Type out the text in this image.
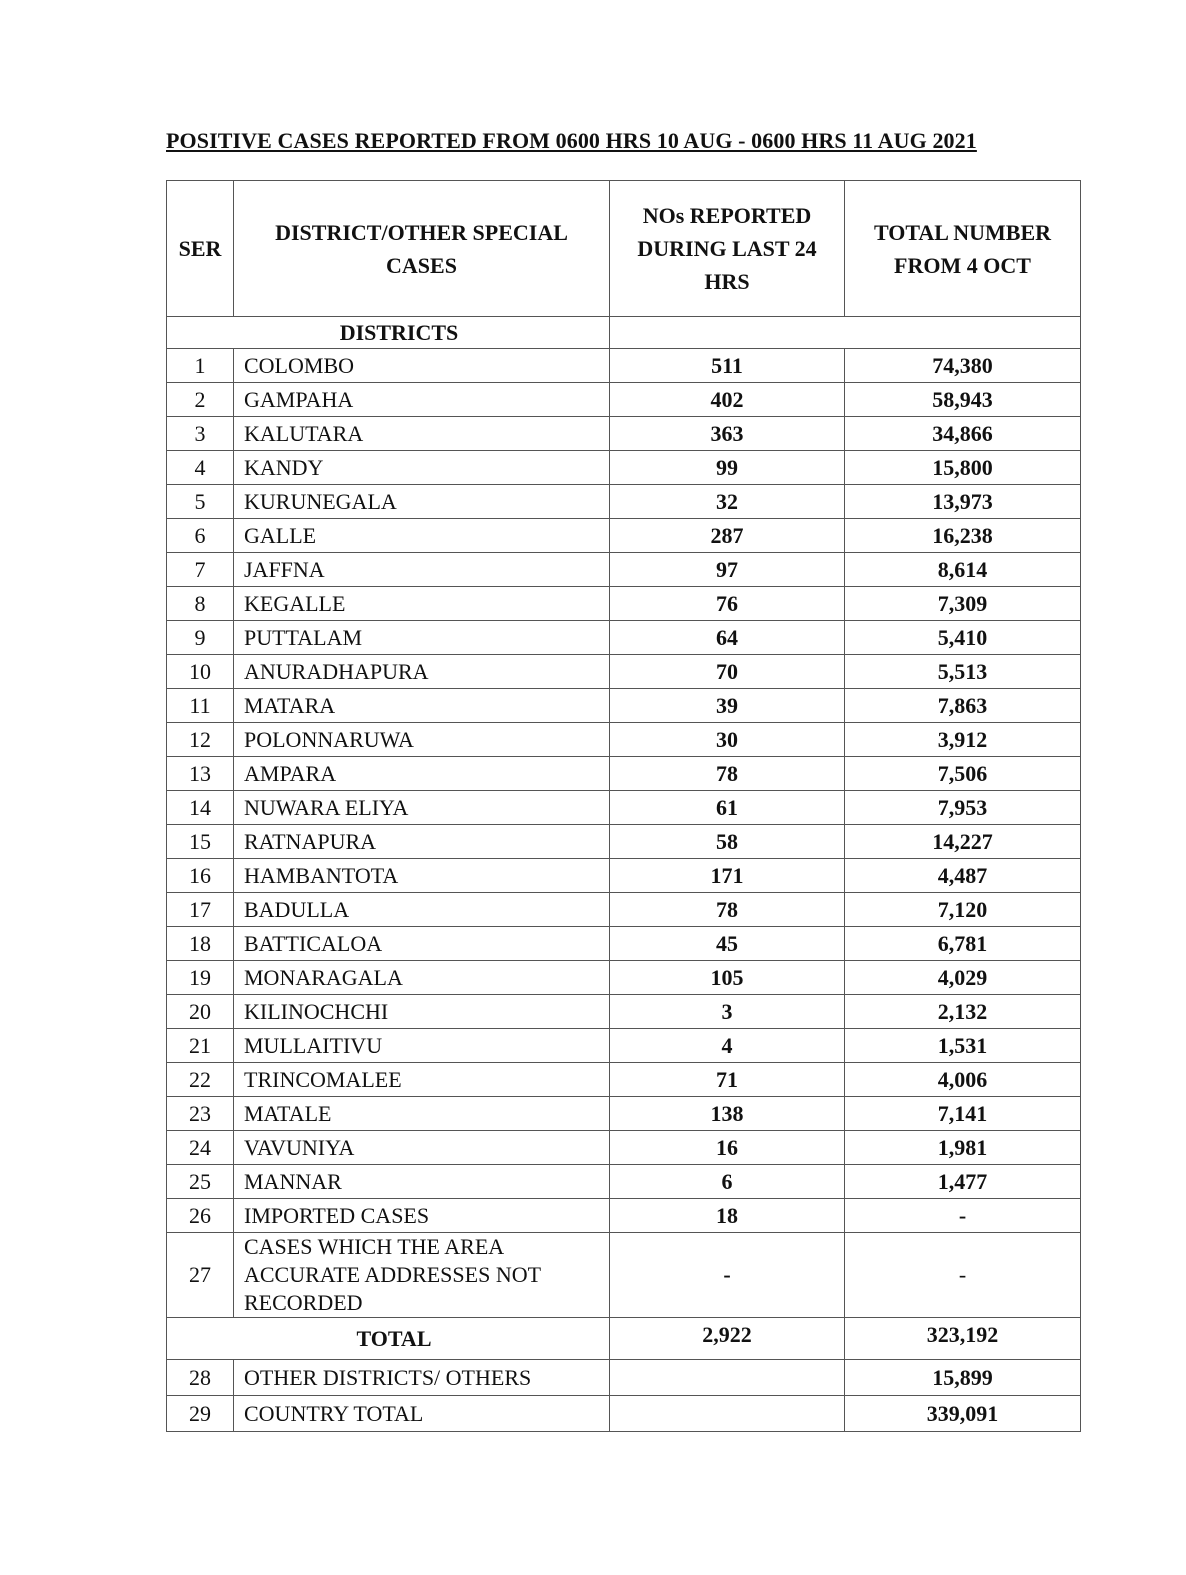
POSITIVE CASES REPORTED FROM 0600 HRS 10 AUG - 0600 HRS 11 AUG 2021
SER	DISTRICT/OTHER SPECIAL CASES	NOs REPORTED DURING LAST 24 HRS	TOTAL NUMBER FROM 4 OCT
DISTRICTS			
1	COLOMBO	511	74,380
2	GAMPAHA	402	58,943
3	KALUTARA	363	34,866
4	KANDY	99	15,800
5	KURUNEGALA	32	13,973
6	GALLE	287	16,238
7	JAFFNA	97	8,614
8	KEGALLE	76	7,309
9	PUTTALAM	64	5,410
10	ANURADHAPURA	70	5,513
11	MATARA	39	7,863
12	POLONNARUWA	30	3,912
13	AMPARA	78	7,506
14	NUWARA ELIYA	61	7,953
15	RATNAPURA	58	14,227
16	HAMBANTOTA	171	4,487
17	BADULLA	78	7,120
18	BATTICALOA	45	6,781
19	MONARAGALA	105	4,029
20	KILINOCHCHI	3	2,132
21	MULLAITIVU	4	1,531
22	TRINCOMALEE	71	4,006
23	MATALE	138	7,141
24	VAVUNIYA	16	1,981
25	MANNAR	6	1,477
26	IMPORTED CASES	18	-
27	CASES WHICH THE AREA ACCURATE ADDRESSES NOT RECORDED	-	-
TOTAL		2,922	323,192
28	OTHER DISTRICTS/ OTHERS		15,899
29	COUNTRY TOTAL		339,091
